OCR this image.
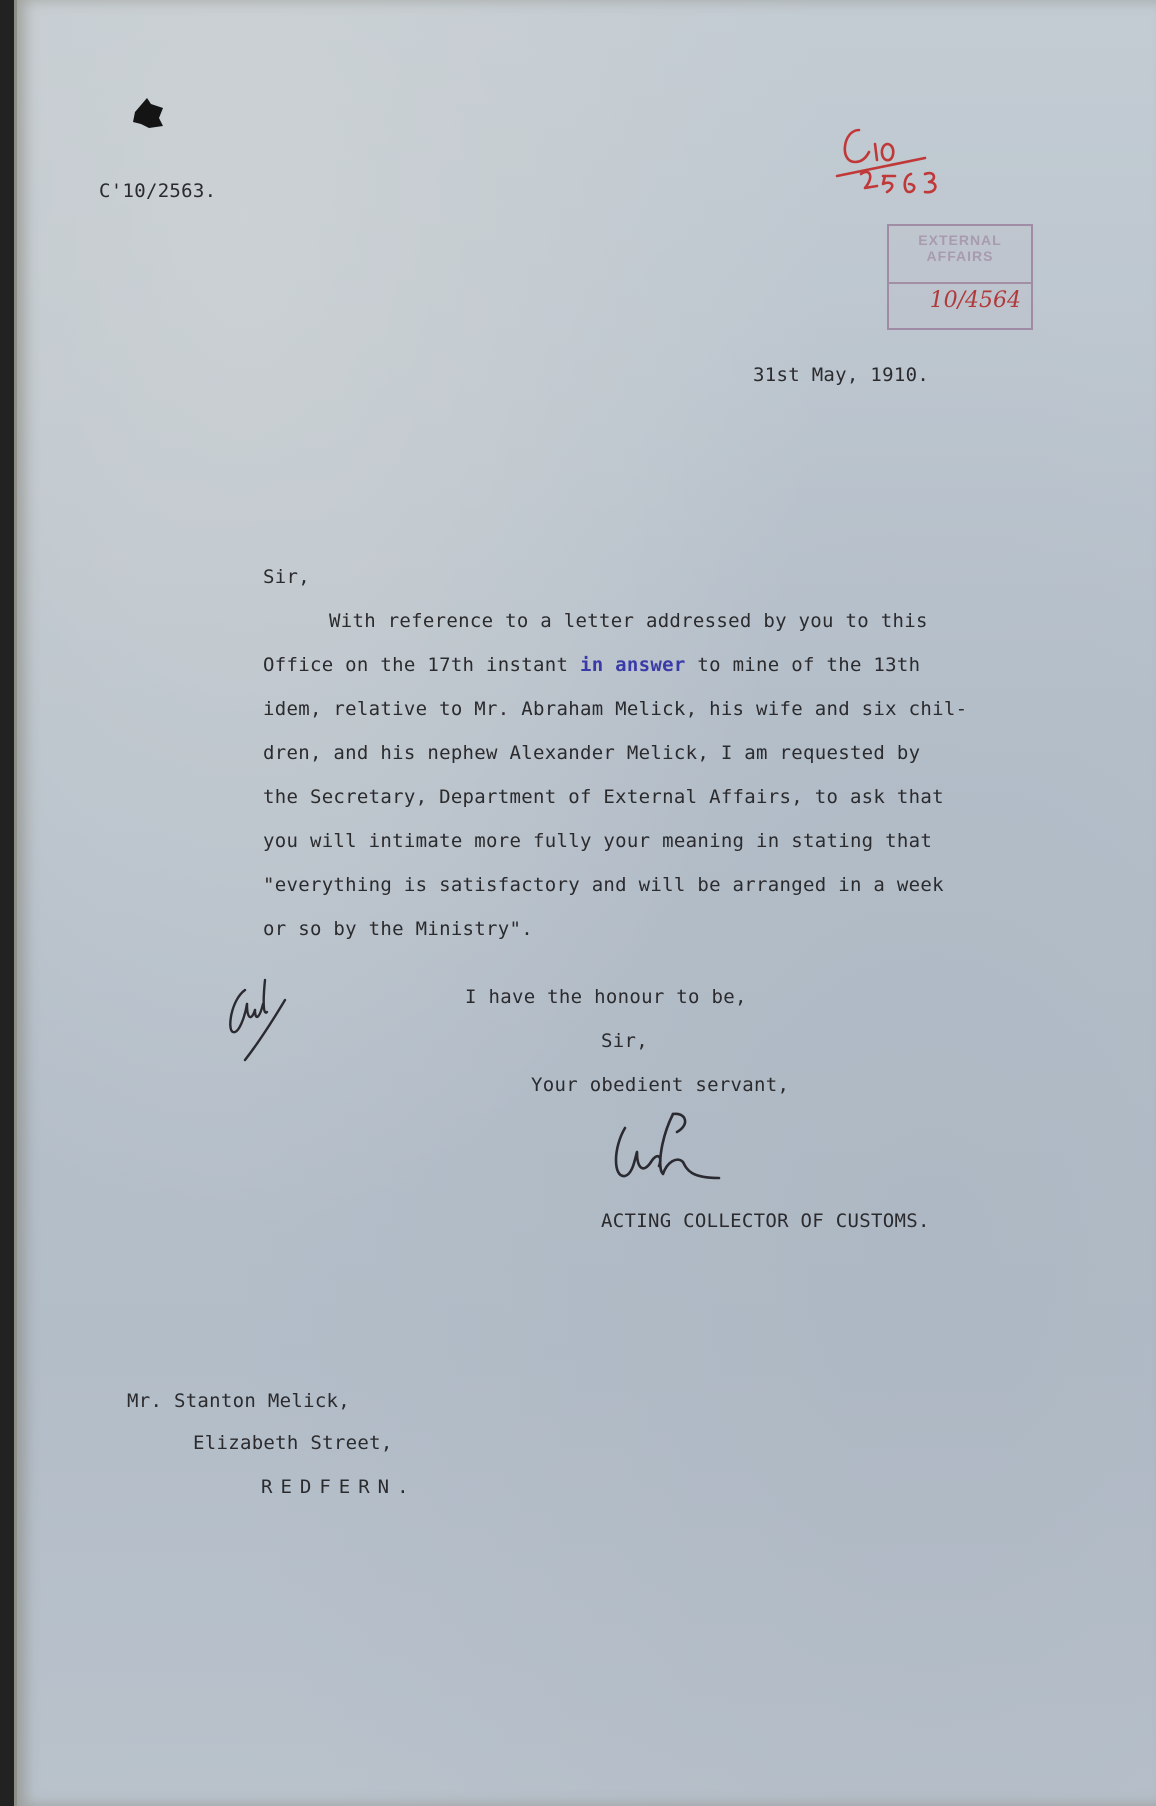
EXTERNAL AFFAIRS
10/4564
C'10/2563.
31st May, 1910.
Sir,
With reference to a letter addressed by you to this
Office on the 17th instant in answer to mine of the 13th
idem, relative to Mr. Abraham Melick, his wife and six chil-
dren, and his nephew Alexander Melick, I am requested by
the Secretary, Department of External Affairs, to ask that
you will intimate more fully your meaning in stating that
"everything is satisfactory and will be arranged in a week
or so by the Ministry".
I have the honour to be,
Sir,
Your obedient servant,
ACTING COLLECTOR OF CUSTOMS.
Mr. Stanton Melick,
Elizabeth Street,
REDFERN.
